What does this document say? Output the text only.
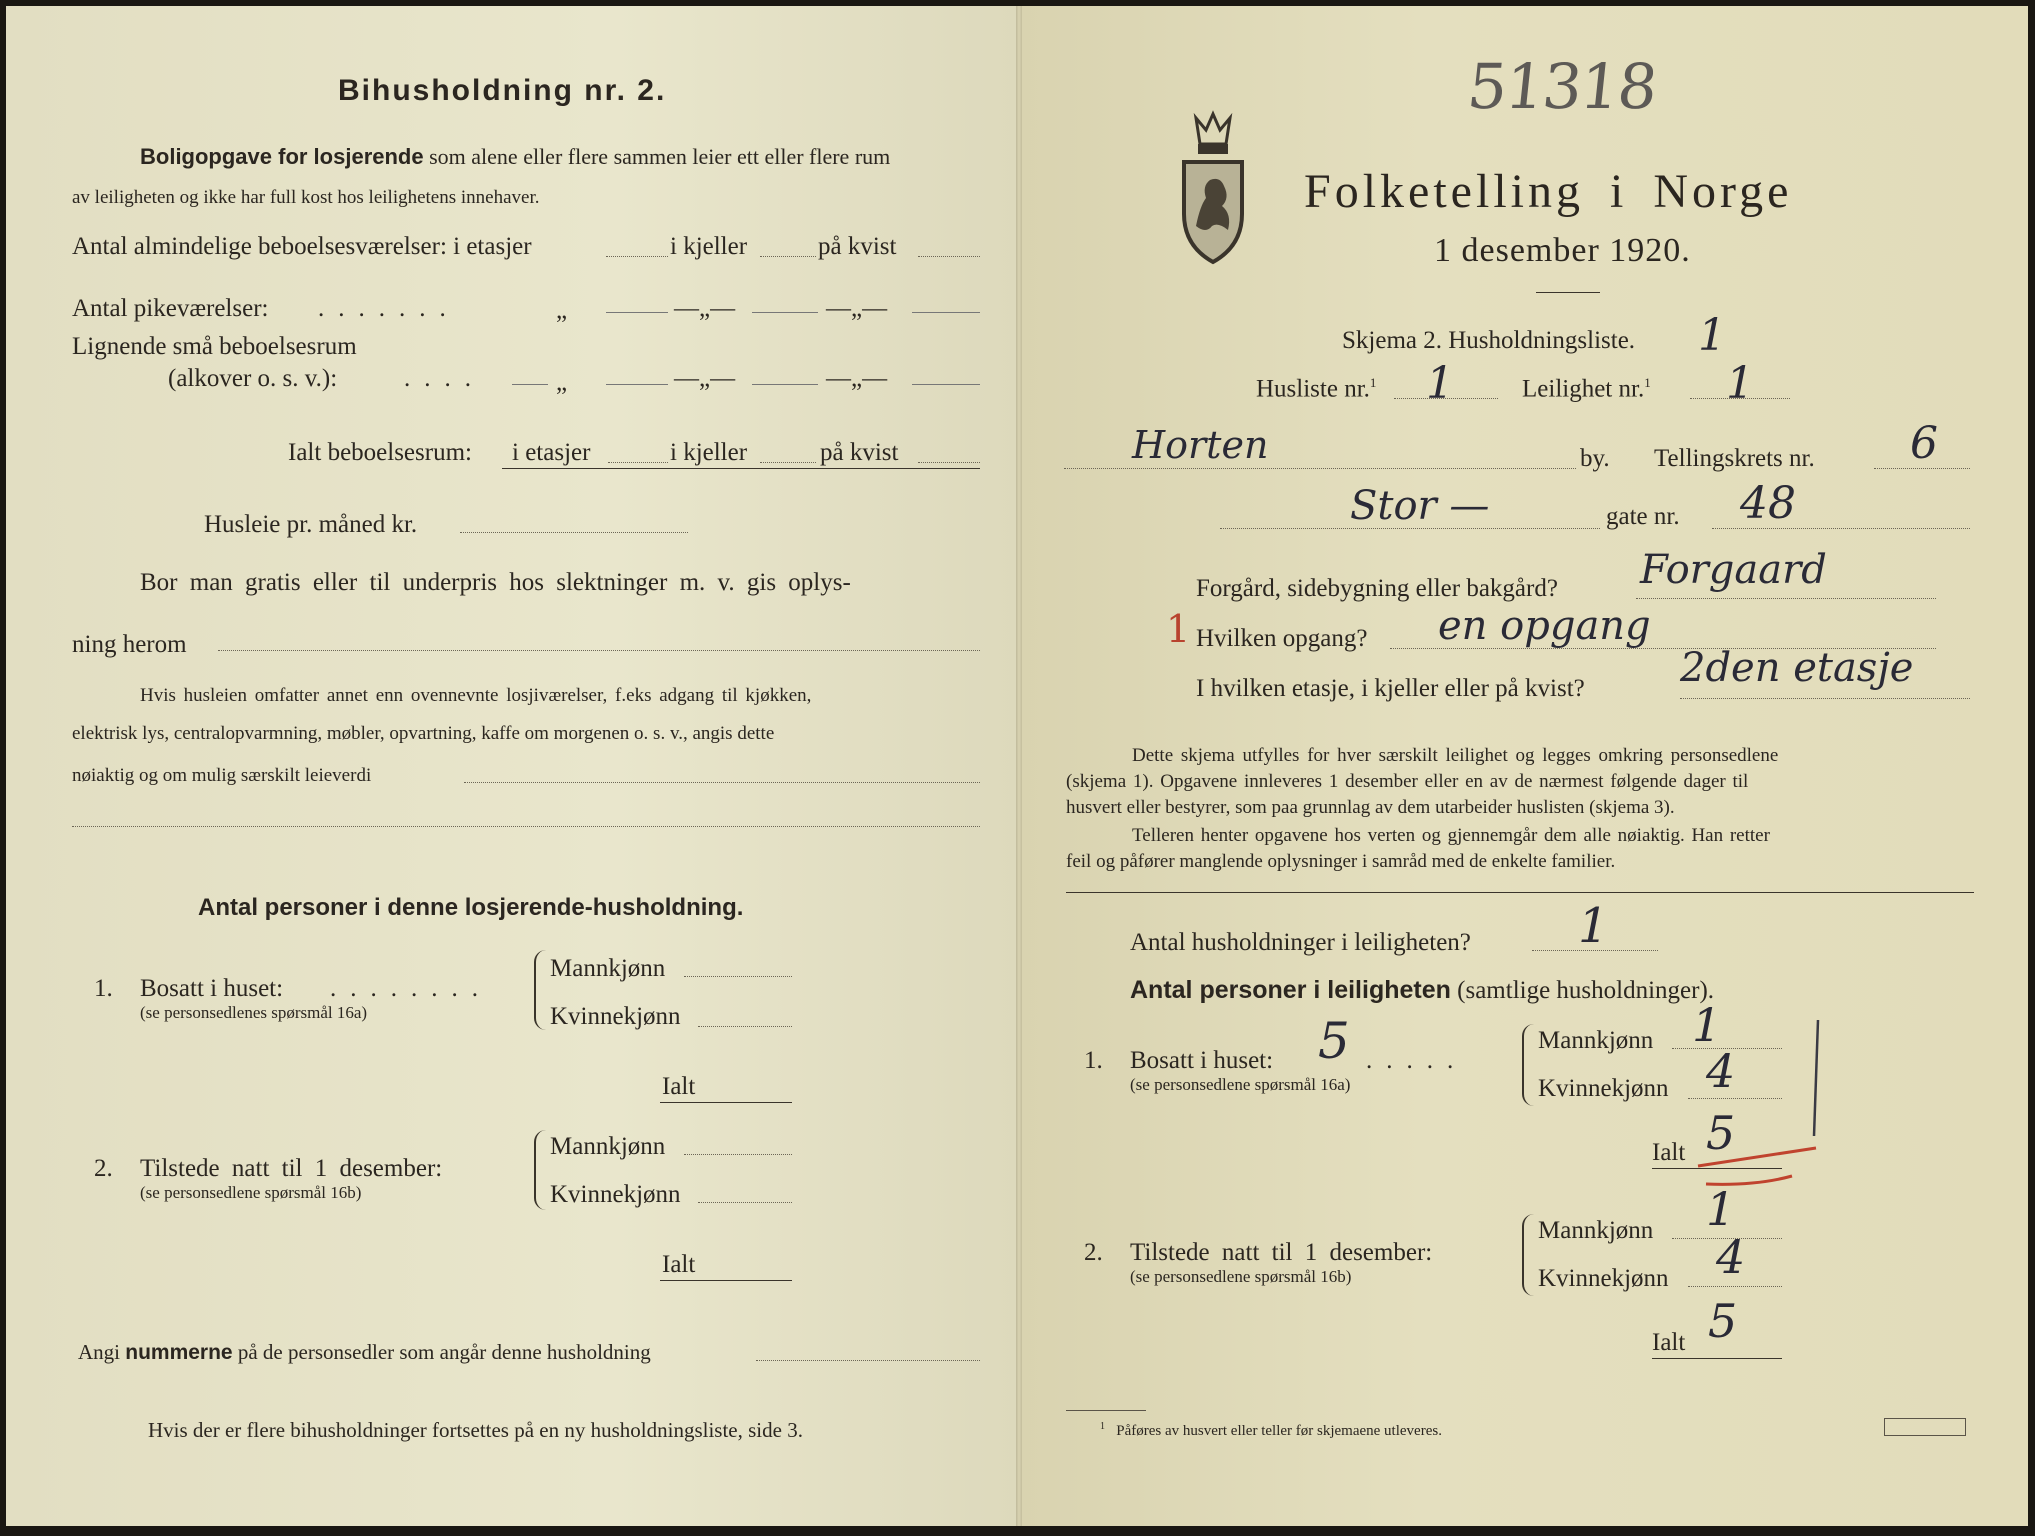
Bihusholdning nr. 2.
Boligopgave for losjerende som alene eller flere sammen leier ett eller flere rum
av leiligheten og ikke har full kost hos leilighetens innehaver.
Antal almindelige beboelsesværelser: i etasjer	i kjeller	på kvist
Antal pikeværelser: .......	„	—„—	—„—
Lignende små beboelsesrum
(alkover o. s. v.):	....	„	—„—	—„—
Ialt beboelsesrum: i etasjer	i kjeller	på kvist
Husleie pr. måned kr.
Bor man gratis eller til underpris hos slektninger m. v. gis oplys-
ning herom
Hvis husleien omfatter annet enn ovennevnte losjiværelser, f.eks adgang til kjøkken,
elektrisk lys, centralopvarmning, møbler, opvartning, kaffe om morgenen o. s. v., angis dette
nøiaktig og om mulig særskilt leieverdi
Antal personer i denne losjerende-husholdning.
1. Bosatt i huset: ........
(se personsedlenes spørsmål 16a)
Mannkjønn
Kvinnekjønn
Ialt
2. Tilstede natt til 1 desember:
(se personsedlene spørsmål 16b)
Mannkjønn
Kvinnekjønn
Ialt
Angi nummerne på de personsedler som angår denne husholdning
Hvis der er flere bihusholdninger fortsettes på en ny husholdningsliste, side 3.
51318
Folketelling i Norge
1 desember 1920.
Skjema 2. Husholdningsliste. 1
Husliste nr.$^1$ 1	Leilighet nr.$^1$ 1
Horten	by. Tellingskrets nr. 6
Stor —	gate nr. 48
Forgård, sidebygning eller bakgård? Forgaard
1 Hvilken opgang? en opgang
I hvilken etasje, i kjeller eller på kvist? 2den etasje
Dette skjema utfylles for hver særskilt leilighet og legges omkring personsedlene
(skjema 1). Opgavene innleveres 1 desember eller en av de nærmest følgende dager til
husvert eller bestyrer, som paa grunnlag av dem utarbeider huslisten (skjema 3).
Telleren henter opgavene hos verten og gjennemgår dem alle nøiaktig. Han retter
feil og påfører manglende oplysninger i samråd med de enkelte familier.
Antal husholdninger i leiligheten? 1
Antal personer i leiligheten (samtlige husholdninger).
1. Bosatt i huset: 5 .....
(se personsedlene spørsmål 16a)
Mannkjønn 1
Kvinnekjønn 4
Ialt 5
2. Tilstede natt til 1 desember:
(se personsedlene spørsmål 16b)
Mannkjønn 1
Kvinnekjønn 4
Ialt 5
$^1$ Påføres av husvert eller teller før skjemaene utleveres.
